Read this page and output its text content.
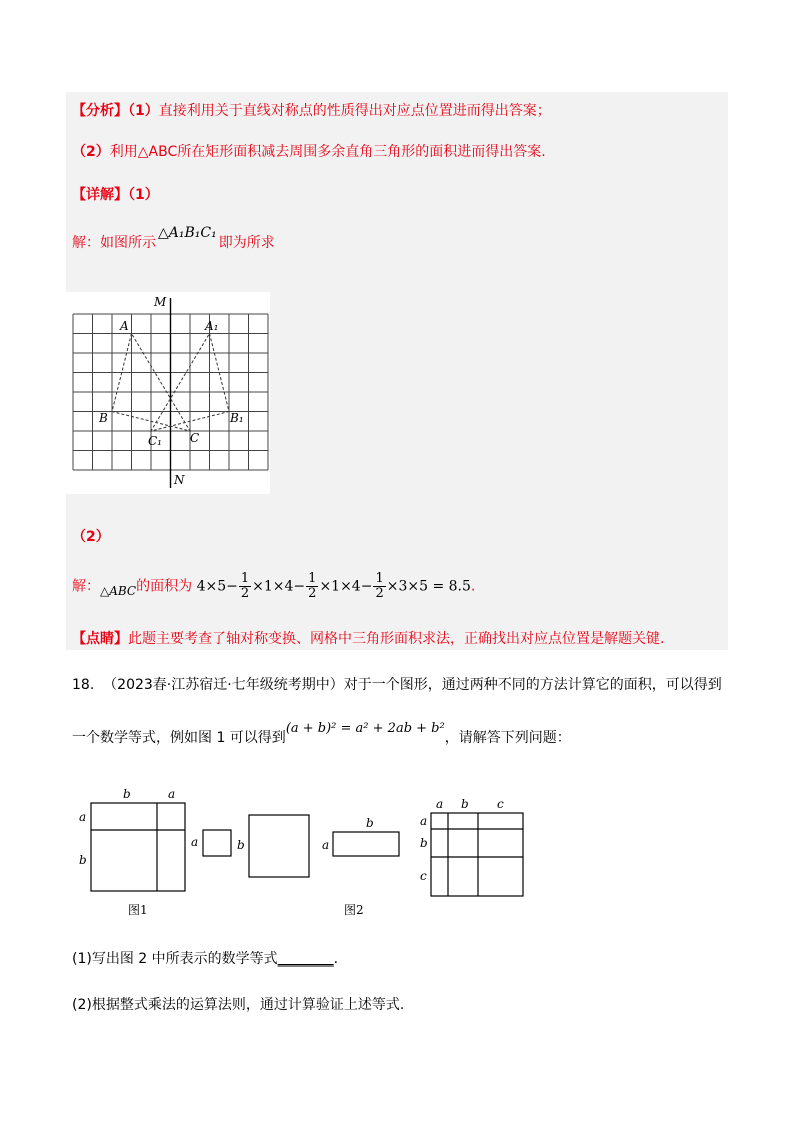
【分析】（1）直接利用关于直线对称点的性质得出对应点位置进而得出答案；
（2）利用△ABC所在矩形面积减去周围多余直角三角形的面积进而得出答案.
【详解】（1）
解：如图所示△A₁B₁C₁即为所求
M
N
A	A₁
B	B₁
C
C₁
（2）
解：△ABC的面积为 $4\times 5- \frac{1}{2} \times 1\times 4- \frac{1}{2} \times 1\times 4- \frac{1}{2} \times 3\times 5 = 8.5$.
【点睛】此题主要考查了轴对称变换、网格中三角形面积求法，正确找出对应点位置是解题关键.
18. （2023春·江苏宿迁·七年级统考期中）对于一个图形，通过两种不同的方法计算它的面积，可以得到
一个数学等式，例如图 1 可以得到(a + b)² = a² + 2ab + b²，请解答下列问题：
b	a
a
b
a	b
b
a
a b c
a
b
c
图1	图2
(1)写出图 2 中所表示的数学等式________.
(2)根据整式乘法的运算法则，通过计算验证上述等式.
